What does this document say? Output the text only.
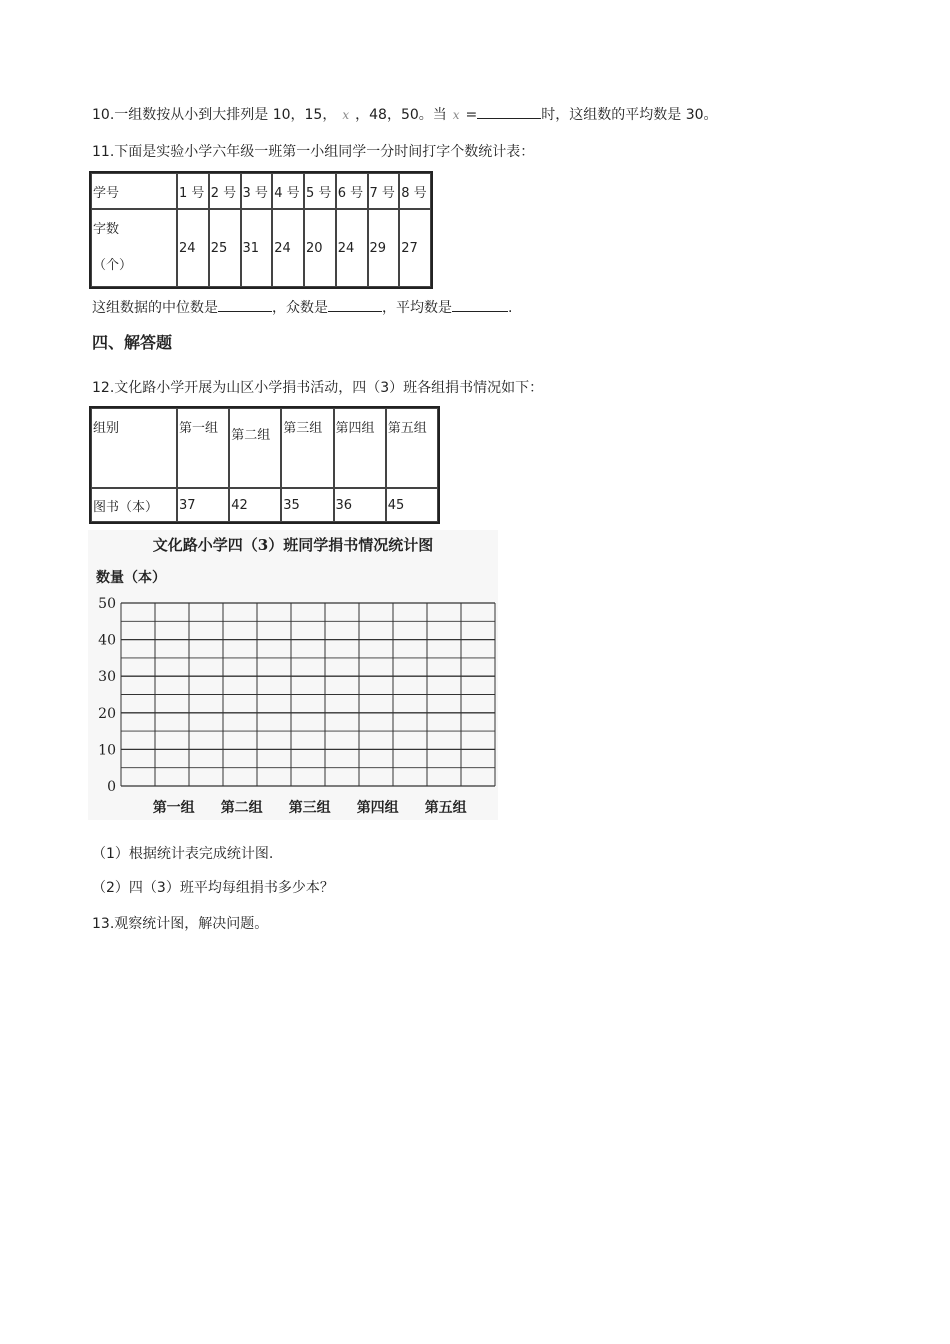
10.一组数按从小到大排列是 10，15， x ，48，50。当 x =	时，这组数的平均数是 30。
11.下面是实验小学六年级一班第一小组同学一分时间打字个数统计表：
学号	1 号	2 号	3 号	4 号	5 号	6 号	7 号	8 号

字数
（个）	24	25	31	24	20	24	29	27
这组数据的中位数是	，众数是	，平均数是	.
四、解答题
12.文化路小学开展为山区小学捐书活动，四（3）班各组捐书情况如下：
组别	第一组	第二组	第三组	第四组	第五组
图书（本）	37	42	35	36	45
文化路小学四（3）班同学捐书情况统计图
数量（本）
0
10
20
30
40
50
第一组 第二组 第三组 第四组 第五组
（1）根据统计表完成统计图.
（2）四（3）班平均每组捐书多少本？
13.观察统计图，解决问题。
